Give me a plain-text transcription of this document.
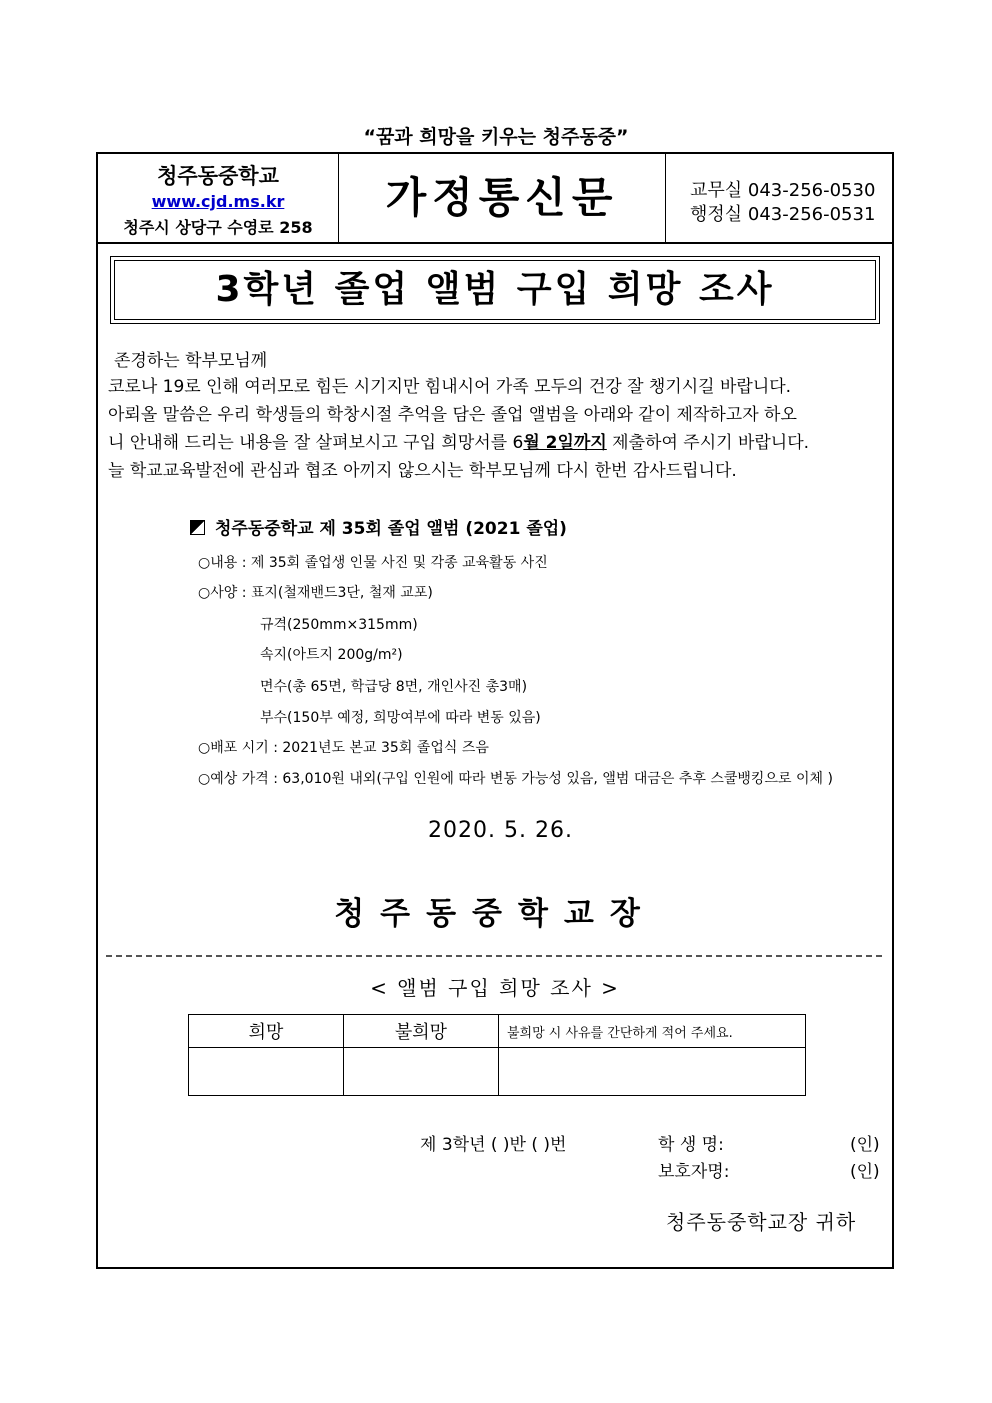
“꿈과 희망을 키우는 청주동중”
청주동중학교
www.cjd.ms.kr
청주시 상당구 수영로 258
가정통신문	교무실 043-256-0530
행정실 043-256-0531
3학년 졸업 앨범 구입 희망 조사
존경하는 학부모님께
코로나 19로 인해 여러모로 힘든 시기지만 힘내시어 가족 모두의 건강 잘 챙기시길 바랍니다.
아뢰올 말씀은 우리 학생들의 학창시절 추억을 담은 졸업 앨범을 아래와 같이 제작하고자 하오
니 안내해 드리는 내용을 잘 살펴보시고 구입 희망서를 6월 2일까지 제출하여 주시기 바랍니다.
늘 학교교육발전에 관심과 협조 아끼지 않으시는 학부모님께 다시 한번 감사드립니다.
청주동중학교 제 35회 졸업 앨범 (2021 졸업)
○내용 : 제 35회 졸업생 인물 사진 및 각종 교육활동 사진
○사양 : 표지(철재밴드3단, 철재 교포)
규격(250mm×315mm)
속지(아트지 200g/m²)
면수(총 65면, 학급당 8면, 개인사진 총3매)
부수(150부 예정, 희망여부에 따라 변동 있음)
○배포 시기 : 2021년도 본교 35회 졸업식 즈음
○예상 가격 : 63,010원 내외(구입 인원에 따라 변동 가능성 있음, 앨범 대금은 추후 스쿨뱅킹으로 이체 )
2020. 5. 26.
청주동중학교장
< 앨범 구입 희망 조사 >
희망	불희망	불희망 시 사유를 간단하게 적어 주세요.

제 3학년 ( )반 ( )번	학 생 명:	(인)
보호자명:	(인)
청주동중학교장 귀하
